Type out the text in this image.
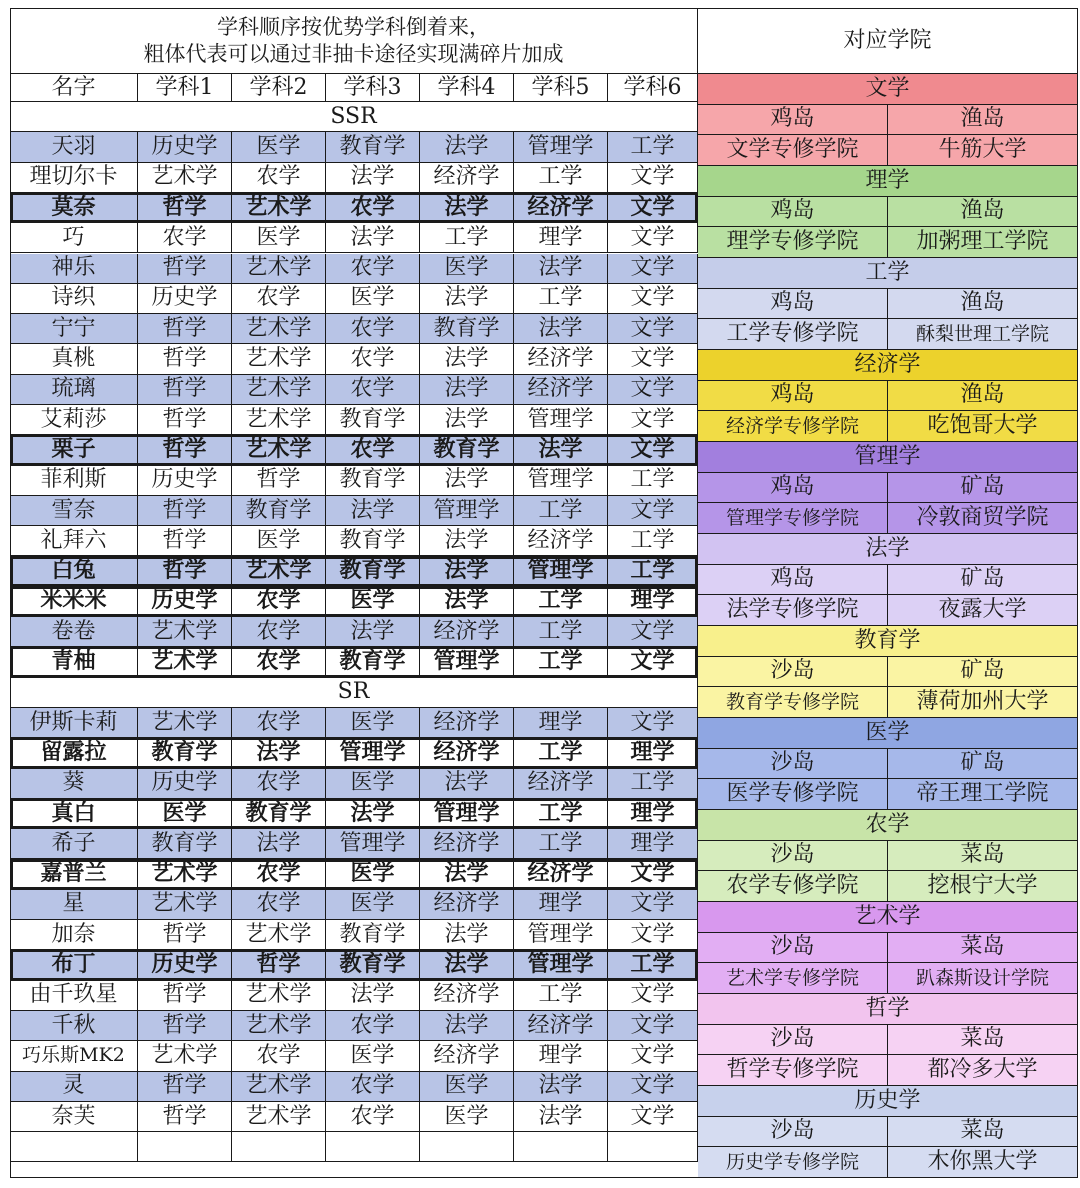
学科顺序按优势学科倒着来，
粗体代表可以通过非抽卡途径实现满碎片加成
对应学院
名字	学科1	学科2	学科3	学科4	学科5	学科6
SSR
天羽	历史学	医学	教育学	法学	管理学	工学
理切尔卡	艺术学	农学	法学	经济学	工学	文学
莫奈	哲学	艺术学	农学	法学	经济学	文学
巧	农学	医学	法学	工学	理学	文学
神乐	哲学	艺术学	农学	医学	法学	文学
诗织	历史学	农学	医学	法学	工学	文学
宁宁	哲学	艺术学	农学	教育学	法学	文学
真桃	哲学	艺术学	农学	法学	经济学	文学
琉璃	哲学	艺术学	农学	法学	经济学	文学
艾莉莎	哲学	艺术学	教育学	法学	管理学	文学
栗子	哲学	艺术学	农学	教育学	法学	文学
菲利斯	历史学	哲学	教育学	法学	管理学	工学
雪奈	哲学	教育学	法学	管理学	工学	文学
礼拜六	哲学	医学	教育学	法学	经济学	工学
白兔	哲学	艺术学	教育学	法学	管理学	工学
米米米	历史学	农学	医学	法学	工学	理学
卷卷	艺术学	农学	法学	经济学	工学	文学
青柚	艺术学	农学	教育学	管理学	工学	文学
SR
伊斯卡莉	艺术学	农学	医学	经济学	理学	文学
留露拉	教育学	法学	管理学	经济学	工学	理学
葵	历史学	农学	医学	法学	经济学	工学
真白	医学	教育学	法学	管理学	工学	理学
希子	教育学	法学	管理学	经济学	工学	理学
嘉普兰	艺术学	农学	医学	法学	经济学	文学
星	艺术学	农学	医学	经济学	理学	文学
加奈	哲学	艺术学	教育学	法学	管理学	文学
布丁	历史学	哲学	教育学	法学	管理学	工学
由千玖星	哲学	艺术学	法学	经济学	工学	文学
千秋	哲学	艺术学	农学	法学	经济学	文学
巧乐斯MK2	艺术学	农学	医学	经济学	理学	文学
灵	哲学	艺术学	农学	医学	法学	文学
奈芙	哲学	艺术学	农学	医学	法学	文学
文学
鸡岛	渔岛
文学专修学院	牛筋大学
理学
鸡岛	渔岛
理学专修学院	加粥理工学院
工学
鸡岛	渔岛
工学专修学院	酥梨世理工学院
经济学
鸡岛	渔岛
经济学专修学院	吃饱哥大学
管理学
鸡岛	矿岛
管理学专修学院	冷敦商贸学院
法学
鸡岛	矿岛
法学专修学院	夜露大学
教育学
沙岛	矿岛
教育学专修学院	薄荷加州大学
医学
沙岛	矿岛
医学专修学院	帝王理工学院
农学
沙岛	菜岛
农学专修学院	挖根宁大学
艺术学
沙岛	菜岛
艺术学专修学院	趴森斯设计学院
哲学
沙岛	菜岛
哲学专修学院	都冷多大学
历史学
沙岛	菜岛
历史学专修学院	木你黑大学
